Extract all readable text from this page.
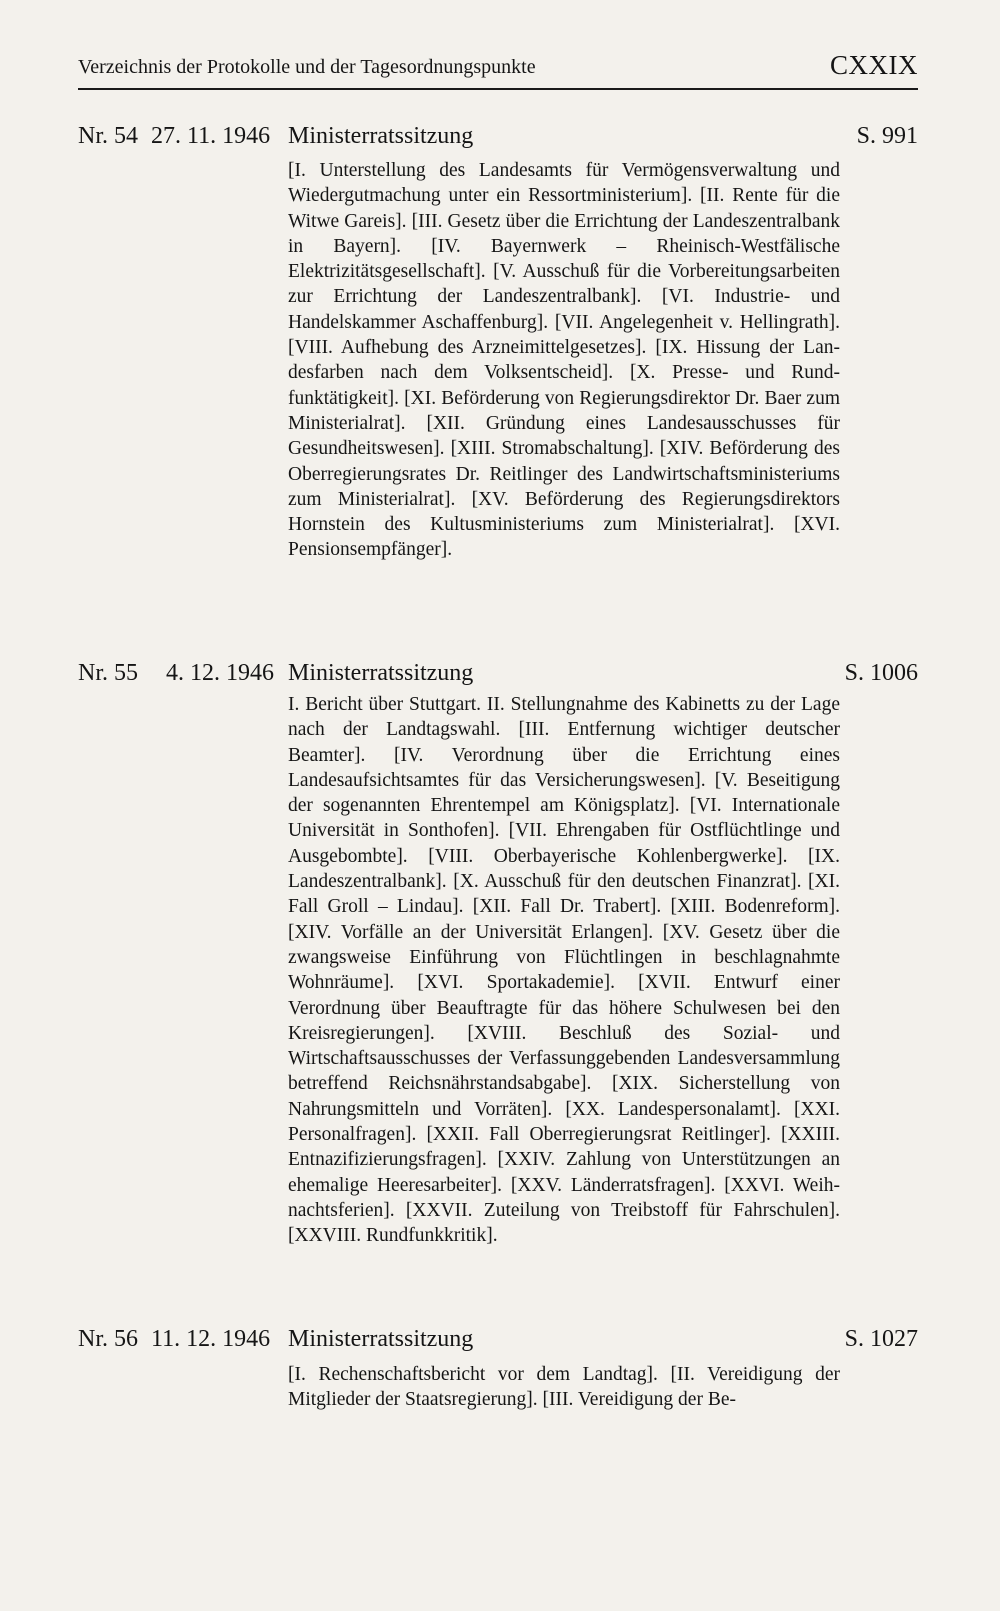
Verzeichnis der Protokolle und der Tagesordnungspunkte	CXXIX
Nr. 54 27. 11. 1946 Ministerratssitzung	S. 991
[I. Unterstellung des Landesamts für Vermögensverwaltung und Wiedergutmachung unter ein Ressortministerium]. [II. Rente für die Witwe Gareis]. [III. Gesetz über die Errichtung der Landeszentralbank in Bayern]. [IV. Bayernwerk – Rheinisch-Westfälische Elektrizitätsgesellschaft]. [V. Ausschuß für die Vorbereitungsarbeiten zur Errichtung der Landeszentralbank]. [VI. Industrie- und Handelskammer Aschaffenburg]. [VII. Angelegenheit v. Hellingrath]. [VIII. Aufhebung des Arzneimittelgesetzes]. [IX. Hissung der Landesfarben nach dem Volksentscheid]. [X. Presse- und Rundfunktätigkeit]. [XI. Beförderung von Regierungsdirektor Dr. Baer zum Ministerialrat]. [XII. Gründung eines Landesausschusses für Gesundheitswesen]. [XIII. Stromabschaltung]. [XIV. Beförderung des Oberregierungsrates Dr. Reitlinger des Landwirtschaftsministeriums zum Ministerialrat]. [XV. Beförderung des Regierungsdirektors Hornstein des Kultusministeriums zum Ministerialrat]. [XVI. Pensionsempfänger].
Nr. 55 4. 12. 1946 Ministerratssitzung	S. 1006
I. Bericht über Stuttgart. II. Stellungnahme des Kabinetts zu der Lage nach der Landtagswahl. [III. Entfernung wichtiger deutscher Beamter]. [IV. Verordnung über die Errichtung eines Landesaufsichtsamtes für das Versicherungswesen]. [V. Beseitigung der sogenannten Ehrentempel am Königsplatz]. [VI. Internationale Universität in Sonthofen]. [VII. Ehrengaben für Ostflüchtlinge und Ausgebombte]. [VIII. Oberbayerische Kohlenbergwerke]. [IX. Landeszentralbank]. [X. Ausschuß für den deutschen Finanzrat]. [XI. Fall Groll – Lindau]. [XII. Fall Dr. Trabert]. [XIII. Bodenreform]. [XIV. Vorfälle an der Universität Erlangen]. [XV. Gesetz über die zwangsweise Einführung von Flüchtlingen in beschlagnahmte Wohnräume]. [XVI. Sportakademie]. [XVII. Entwurf einer Verordnung über Beauftragte für das höhere Schulwesen bei den Kreisregierungen]. [XVIII. Beschluß des Sozial- und Wirtschaftsausschusses der Verfassunggebenden Landesversammlung betreffend Reichsnährstandsabgabe]. [XIX. Sicherstellung von Nahrungsmitteln und Vorräten]. [XX. Landespersonalamt]. [XXI. Personalfragen]. [XXII. Fall Oberregierungsrat Reitlinger]. [XXIII. Entnazifizierungsfragen]. [XXIV. Zahlung von Unterstützungen an ehemalige Heeresarbeiter]. [XXV. Länderratsfragen]. [XXVI. Weihnachtsferien]. [XXVII. Zuteilung von Treibstoff für Fahrschulen]. [XXVIII. Rundfunkkritik].
Nr. 56 11. 12. 1946 Ministerratssitzung	S. 1027
[I. Rechenschaftsbericht vor dem Landtag]. [II. Vereidigung der Mitglieder der Staatsregierung]. [III. Vereidigung der Be-
